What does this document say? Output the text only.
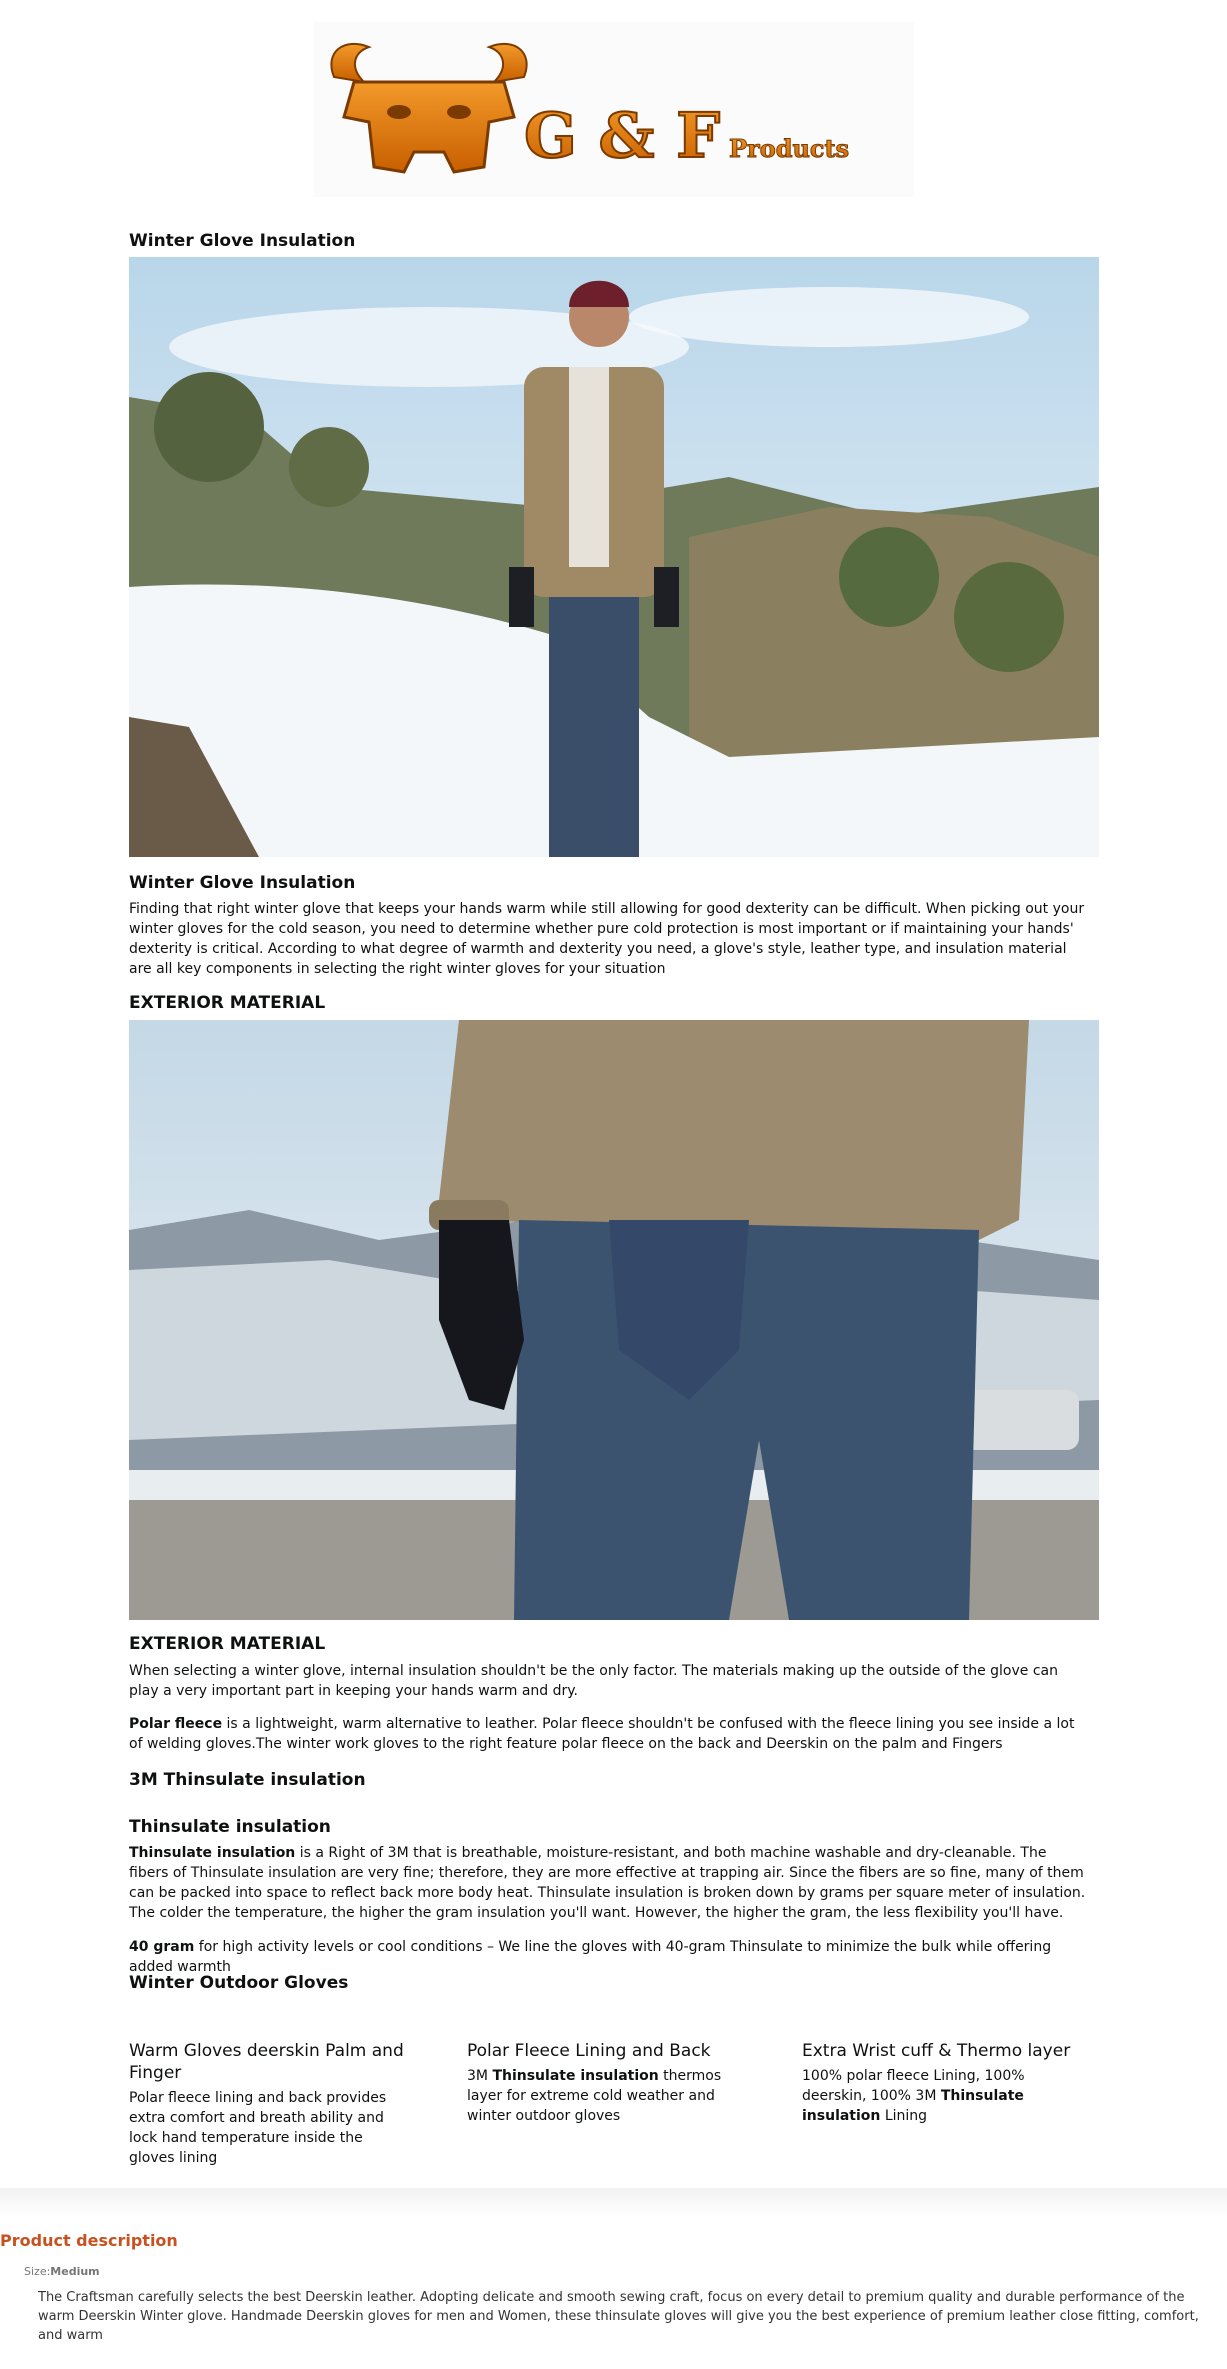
G & F Products
Winter Glove Insulation
Winter Glove Insulation

Finding that right winter glove that keeps your hands warm while still allowing for good dexterity can be difficult. When picking out your winter gloves for the cold season, you need to determine whether pure cold protection is most important or if maintaining your hands' dexterity is critical. According to what degree of warmth and dexterity you need, a glove's style, leather type, and insulation material are all key components in selecting the right winter gloves for your situation

EXTERIOR MATERIAL
EXTERIOR MATERIAL

When selecting a winter glove, internal insulation shouldn't be the only factor. The materials making up the outside of the glove can play a very important part in keeping your hands warm and dry.

Polar fleece is a lightweight, warm alternative to leather. Polar fleece shouldn't be confused with the fleece lining you see inside a lot of welding gloves.The winter work gloves to the right feature polar fleece on the back and Deerskin on the palm and Fingers

3M Thinsulate insulation
Thinsulate insulation

Thinsulate insulation is a Right of 3M that is breathable, moisture-resistant, and both machine washable and dry-cleanable. The fibers of Thinsulate insulation are very fine; therefore, they are more effective at trapping air. Since the fibers are so fine, many of them can be packed into space to reflect back more body heat. Thinsulate insulation is broken down by grams per square meter of insulation. The colder the temperature, the higher the gram insulation you'll want. However, the higher the gram, the less flexibility you'll have.

40 gram for high activity levels or cool conditions – We line the gloves with 40-gram Thinsulate to minimize the bulk while offering added warmth

Winter Outdoor Gloves
Warm Gloves deerskin Palm and Finger

Polar fleece lining and back provides extra comfort and breath ability and lock hand temperature inside the gloves lining

Polar Fleece Lining and Back

3M Thinsulate insulation thermos layer for extreme cold weather and winter outdoor gloves

Extra Wrist cuff & Thermo layer

100% polar fleece Lining, 100% deerskin, 100% 3M Thinsulate insulation Lining

Product description
Size:Medium

The Craftsman carefully selects the best Deerskin leather. Adopting delicate and smooth sewing craft, focus on every detail to premium quality and durable performance of the warm Deerskin Winter glove. Handmade Deerskin gloves for men and Women, these thinsulate gloves will give you the best experience of premium leather close fitting, comfort, and warm
